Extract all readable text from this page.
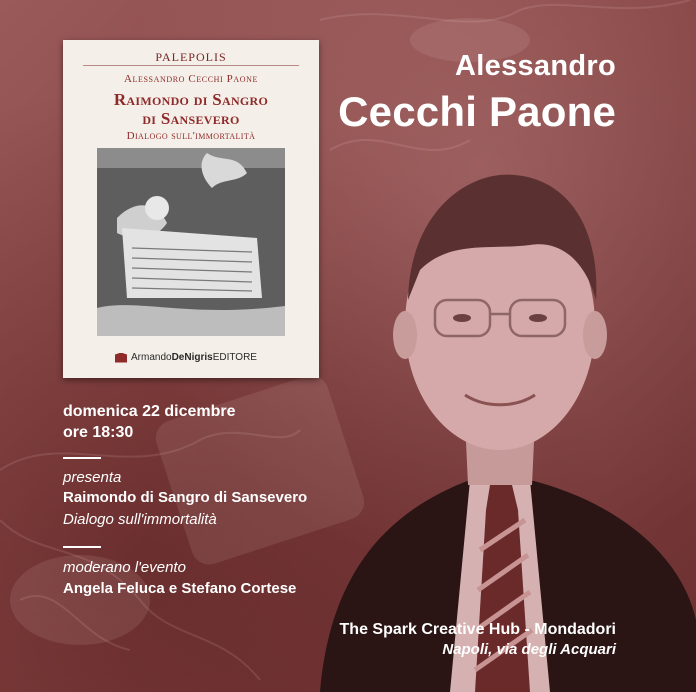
PALEPOLIS
Alessandro Cecchi Paone
Raimondo di Sangro
di Sansevero
Dialogo sull'immortalità
Armando DeNigris EDITORE
Alessandro
Cecchi Paone
domenica 22 dicembre
ore 18:30
presenta
Raimondo di Sangro di Sansevero
Dialogo sull'immortalità
moderano l'evento
Angela Feluca e Stefano Cortese
The Spark Creative Hub - Mondadori
Napoli, via degli Acquari
